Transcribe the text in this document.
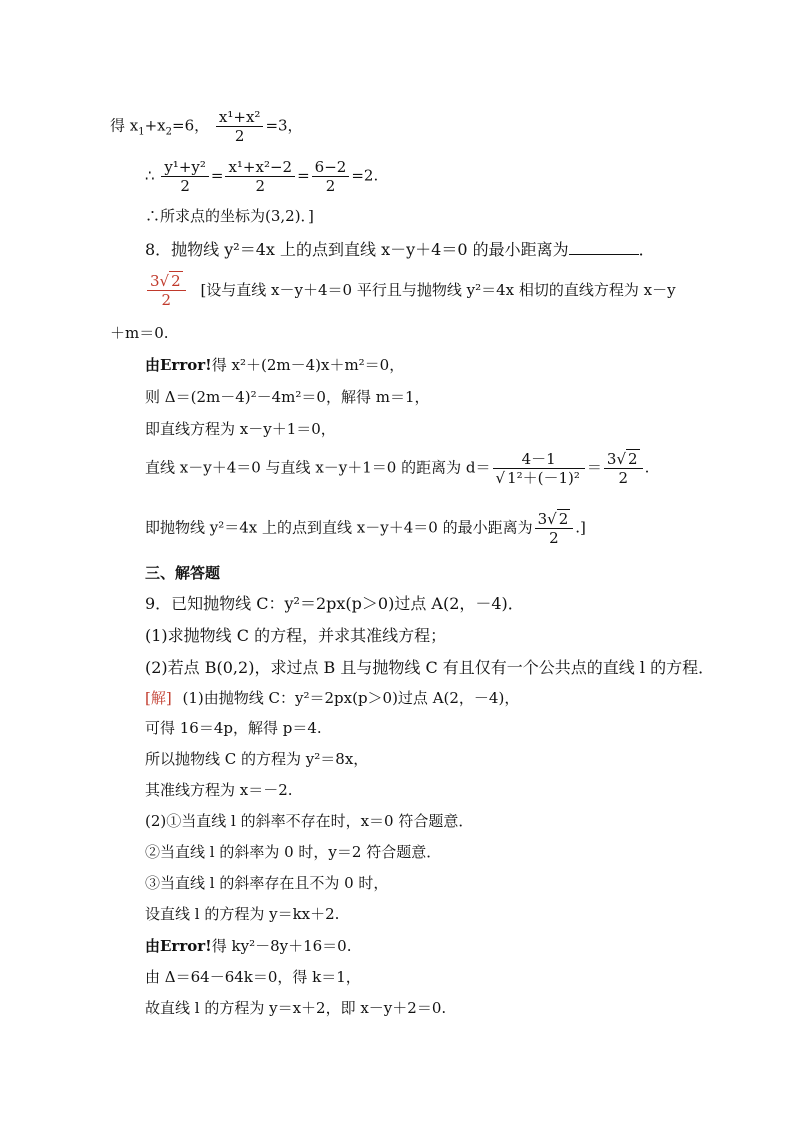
得 $x_1+x_2=6$， $\frac{\text{x¹+x²}}{2} =3$，
∴ $\frac{\text{y¹+y²}}{2} = \frac{\text{x¹+x²−2}}{2} = \frac{6-2}{2} =2$.
∴所求点的坐标为(3,2)．]
8．抛物线 y²＝4x 上的点到直线 x－y＋4＝0 的最小距离为	．
$\frac{3√ 2}{2}$ [设与直线 x－y＋4＝0 平行且与抛物线 y²＝4x 相切的直线方程为 x－y
＋m＝0.
由Error!得 x²＋(2m－4)x＋m²＝0，
则 Δ＝(2m－4)²－4m²＝0，解得 m＝1，
即直线方程为 x－y＋1＝0，
直线 x－y＋4＝0 与直线 x－y＋1＝0 的距离为 $d= \frac{4-1}{\text{√ 1²＋(－1)²}} = \frac{3√ 2}{2}$ .
即抛物线 y²＝4x 上的点到直线 x－y＋4＝0 的最小距离为 $\frac{3√ 2}{2}$ .]
三、解答题
9．已知抛物线 C：y²＝2px(p＞0)过点 A(2，－4)．
(1)求抛物线 C 的方程，并求其准线方程；
(2)若点 B(0,2)，求过点 B 且与抛物线 C 有且仅有一个公共点的直线 l 的方程．
[解] (1)由抛物线 C：y²＝2px(p＞0)过点 A(2，－4)，
可得 16＝4p，解得 p＝4.
所以抛物线 C 的方程为 y²＝8x，
其准线方程为 x＝－2.
(2)①当直线 l 的斜率不存在时，x＝0 符合题意．
②当直线 l 的斜率为 0 时，y＝2 符合题意．
③当直线 l 的斜率存在且不为 0 时，
设直线 l 的方程为 y＝kx＋2.
由Error!得 ky²－8y＋16＝0.
由 Δ＝64－64k＝0，得 k＝1，
故直线 l 的方程为 y＝x＋2，即 x－y＋2＝0.
